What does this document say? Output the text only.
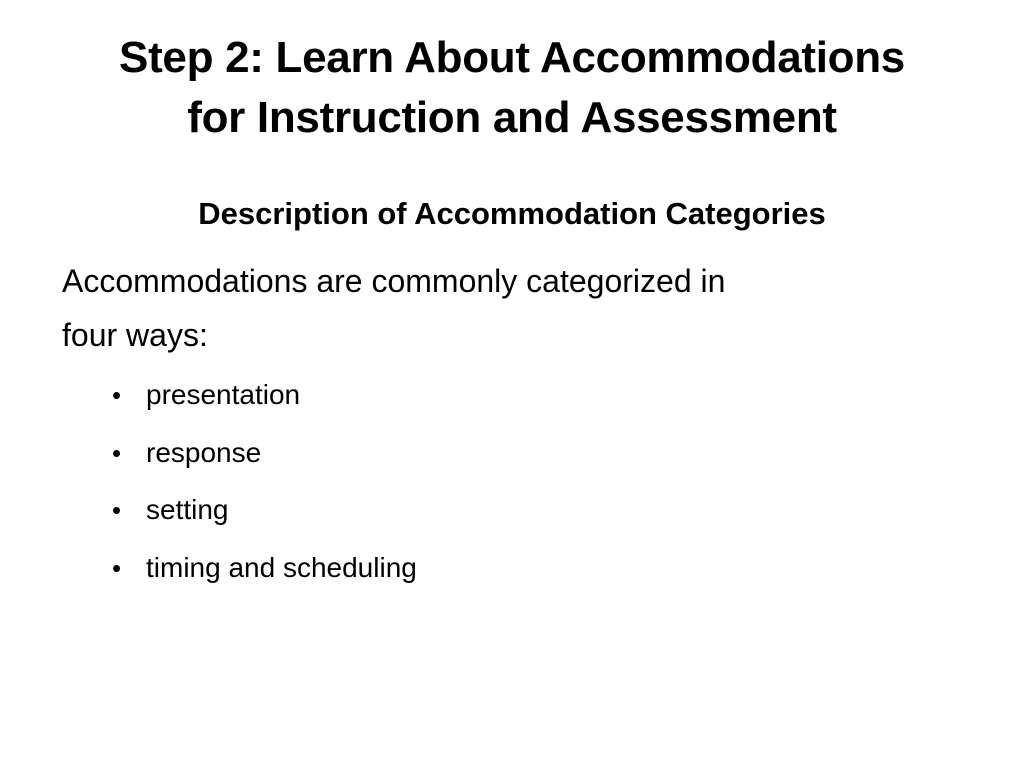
Step 2: Learn About Accommodations
for Instruction and Assessment
Description of Accommodation Categories

Accommodations are commonly categorized in
four ways:

• presentation
• response
• setting
• timing and scheduling
